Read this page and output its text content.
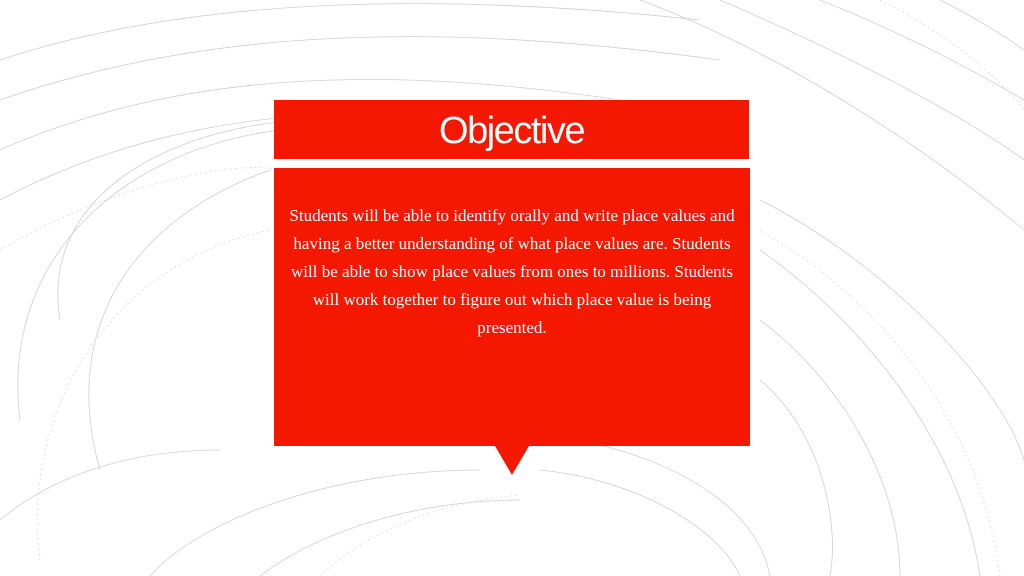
Objective

Students will be able to identify orally and write place values and having a better understanding of what place values are. Students will be able to show place values from ones to millions. Students will work together to figure out which place value is being presented.
